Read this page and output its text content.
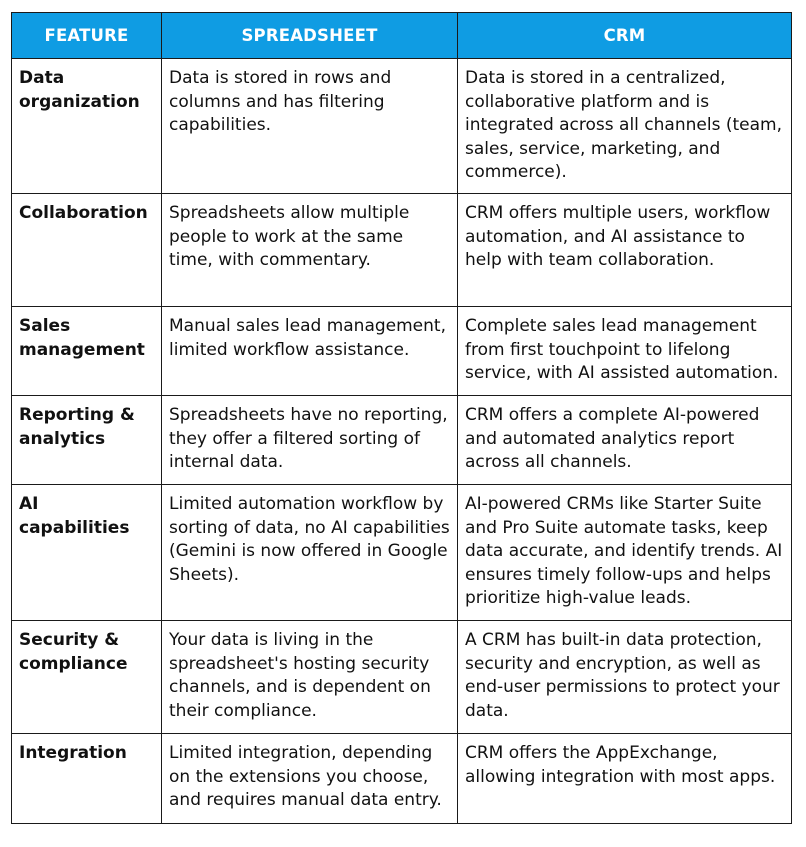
FEATURE	SPREADSHEET	CRM
Data organization	Data is stored in rows and columns and has filtering capabilities.	Data is stored in a centralized, collaborative platform and is integrated across all channels (team, sales, service, marketing, and commerce).
Collaboration	Spreadsheets allow multiple people to work at the same time, with commentary.	CRM offers multiple users, workflow automation, and AI assistance to help with team collaboration.
Sales management	Manual sales lead management, limited workflow assistance.	Complete sales lead management from first touchpoint to lifelong service, with AI assisted automation.
Reporting & analytics	Spreadsheets have no reporting, they offer a filtered sorting of internal data.	CRM offers a complete AI-powered and automated analytics report across all channels.
AI capabilities	Limited automation workflow by sorting of data, no AI capabilities (Gemini is now offered in Google Sheets).	AI-powered CRMs like Starter Suite and Pro Suite automate tasks, keep data accurate, and identify trends. AI ensures timely follow-ups and helps prioritize high-value leads.
Security & compliance	Your data is living in the spreadsheet's hosting security channels, and is dependent on their compliance.	A CRM has built-in data protection, security and encryption, as well as end-user permissions to protect your data.
Integration	Limited integration, depending on the extensions you choose, and requires manual data entry.	CRM offers the AppExchange, allowing integration with most apps.
